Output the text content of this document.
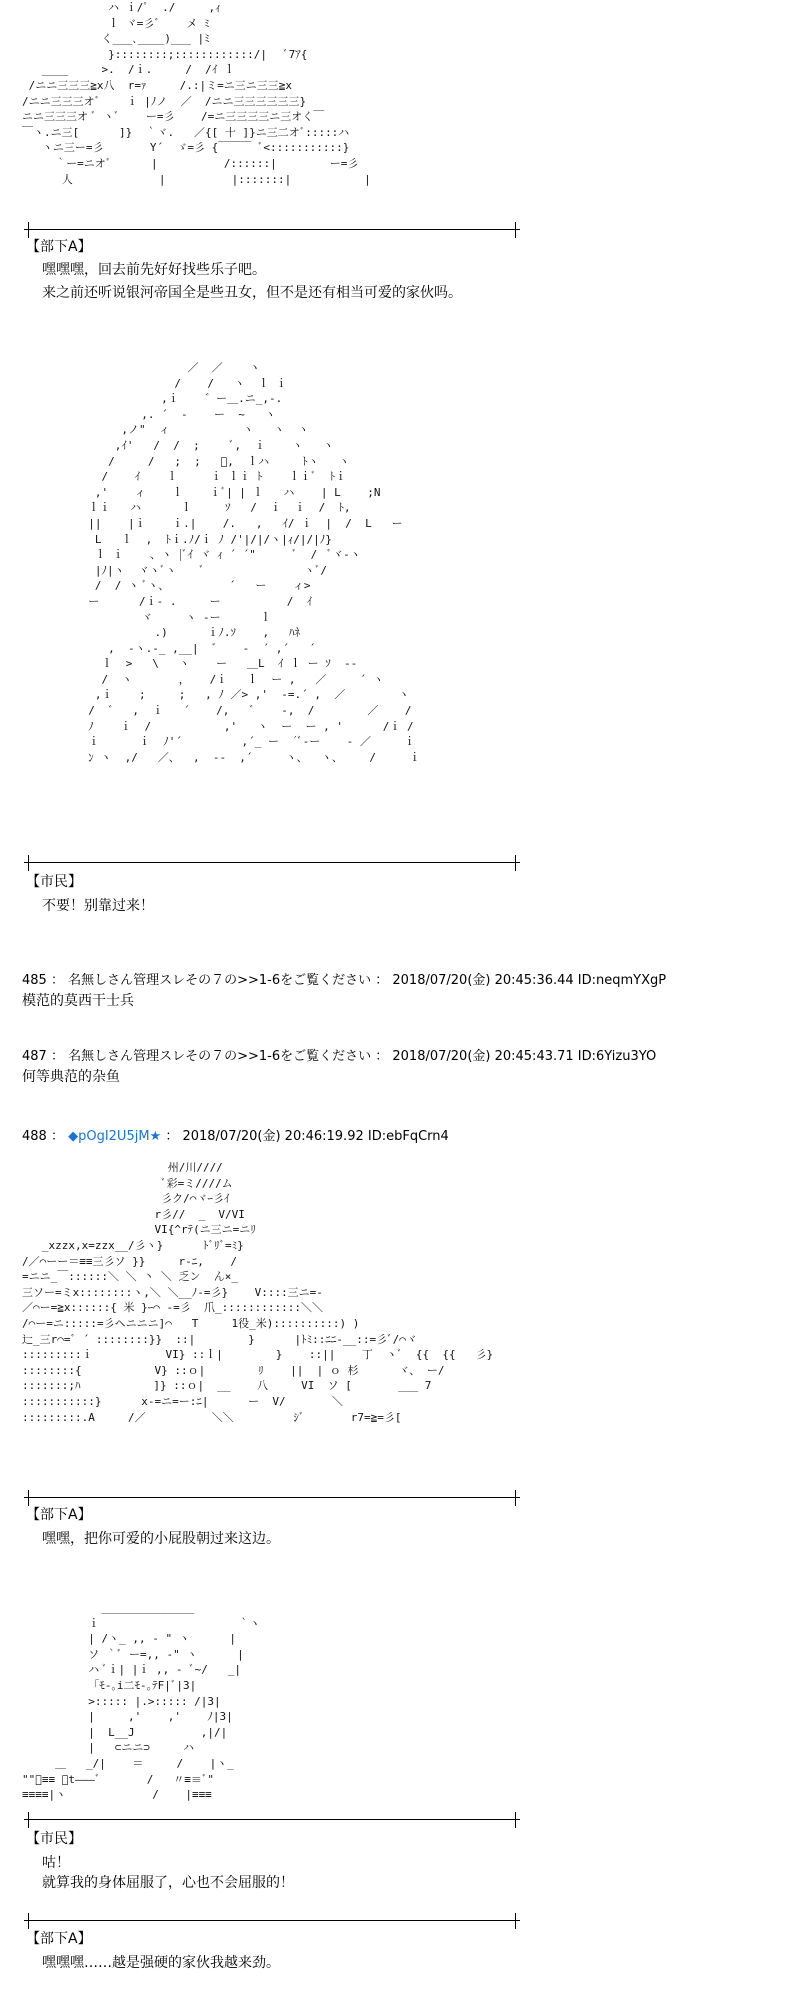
ハ ｉ/ﾟ  ./     ,ｨ
ｌ ヾ=彡ﾞ    メ ﾐ
く___､____)___ |ﾐ
}::::::::;::::::::::::/|   ﾞ7ｱ{
____     >.  /ｉ.     /  /ｲ ｌ
/ニニ三三三≧x八  r=ｧ     /.:|ミ=ニ三ニ三三≧x
/ニニ三三三オﾞ    ｉ |ﾉノ  ／  /ニニ三三三三三三}
ニニ三三三オ ﾞ ヽﾞ    ー=彡    /=ニ三三三三ニ三オく￣
￣ヽ.ニ三[      ]}  ｀ヾ.   ／{[ 十 ]}ニ三二オﾞ:::::ハ
ヽニ三ー=彡       Y´  ゞ=彡 {￣￣￣ ﾞ<:::::::::::}
｀ー=ニオﾞ      |          /::::::|        ー=彡
人             |          |:::::::|           |
【部下A】
嘿嘿嘿，回去前先好好找些乐子吧。
来之前还听说银河帝国全是些丑女，但不是还有相当可爱的家伙吗。
／  ／    ヽ
/    /   ヽ  ｌ ｉ
,ｉ    ゛ー＿.ニ_,-.
,. ´  -    ー  ~   ヽ
,ノ"  ィ           ヽ   ヽ  ヽ
,ｲ'   /  /  ;     ﾞ,  ｉ    ヽ   ヽ
/     /   ;  ;   ﾞ,  ｌハ     ﾄヽ   ヽ
/    ｲ    ｌ     ｉ ｌｉ ﾄ    ｌｉﾞ  ﾄｉ
,'    ィ    ｌ    ｉﾞ| | ｌ   ハ    | L    ;N
ｌｉ   ハ      ｌ     ｿ   /  ｉ  ｉ  /  ﾄ,
||    |ｉ    ｉ.|    /.   ,   ｲ/ ｉ  |  /  L   ー
L   ｌ  ,  ﾄｉ.ﾉ/ｉ ﾉ /'|/|/ヽ|ｨ/|/|ﾉ}
ｌ ｉ    、ヽ |ﾞｲ ヾ ｨ ´ ´"      ﾞ  /  ﾞヾ-ヽ
|ﾉ|ヽ  ヾヽﾞヽ    ﾞ               ヽﾞ/
/  / ヽ ﾞヽ、         ´   ー    ィ>
ー      /ｉ‐ .     ー          /  ｲ
ヾ     ヽ ‐ー      ｌ
.)      ｉﾉ.ｿ    ,   ﾊﾈ
,  ‐ヽ.‐_ ,__|  ゛   -  ´ ,´   ´
ｌ  >   \   ヽ    ー   ＿L  ｲ ｌ ー ｿ  ‐‐
/  ヽ       ，   /ｉ   ｌ  ー ,   ／     ´ ヽ
,ｉ    ;     ;   , ﾉ ／> ,'  ‐=.´ ,  ／        ヽ
/  ゛  ,  ｉ   ´    /,   ﾞ    ‐,  /        ／    /
ﾉ    ｉ  /           ,'   ヽ  ー  ー , '      /ｉ /
ｉ      ｉ  ﾉ'´         ,´_ ー  ´ﾞ‐ー    ‐ ／     ｉ
ﾝ ヽ  ,/   ／、  ,  ‐‐  ,´     ヽ、  ヽ、    /     ｉ
【市民】
不要！别靠过来！
485 ： 名無しさん管理スレその７の>>1-6をご覧ください ： 2018/07/20(金) 20:45:36.44 ID:neqmYXgP
模范的莫西干士兵
487 ： 名無しさん管理スレその７の>>1-6をご覧ください ： 2018/07/20(金) 20:45:43.71 ID:6Yizu3YO
何等典范的杂鱼
488 ： ◆pOgI2U5jM★ ： 2018/07/20(金) 20:46:19.92 ID:ebFqCrn4
州/川////
ﾞ彩=ミ////ム
彡ク/⌒ヾｰ彡ｲ
r彡//  _  V/VI
VI{^rﾃ(ニ三ニ=ニﾘ
_xzzx,x=zzx__/彡ヽ}      ﾄﾞﾘﾞ=ﾐ}
/／⌒ーー＝≡≡三彡ソ }}     r-ﾆ,    /
=ニニ_￣::::::＼ ＼ 丶 ＼ 乏ン  ん×_
三ソー=ミx::::::::ヽ,＼ ＼__ﾉ-=彡}    V::::三ニ=-
／⌒ー=≧x::::::{ 米 }ｰ⌒ -=彡  爪_::::::::::::＼＼
/⌒ー=ニ:::::=彡ヘニニニ]⌒   T     1役_米)::::::::::) )
辷_三r⌒=ﾞ ´ ::::::::}}  ::|        }      |ﾄﾐ::ﾆﾆ-__::=彡ﾞ/⌒ヾ
:::::::::ｉ           VI} ::ｌ|        }    ::||    丁  ヽﾞ  {{  {{   彡}
::::::::{           V} ::ｏ|        ﾘ    ||  | ｏ 杉      ヾ、 ー/
:::::::;ﾊ           ]} ::ｏ|  __    八     VI  ソ [       ___ 7
:::::::::::}      x-=ニ=ー:ﾆ|      ー  V/       ＼
:::::::::.A     /／          ＼＼         ｼﾞ       r7=≧=彡[
【部下A】
嘿嘿，把你可爱的小屁股朝过来这边。
______________
ｉ                     ｀ヽ
| /ヽ_ ,, - " ヽ      |
ソ ｀ﾞ ー=,, ‐" ヽ      |
ハ ﾞｉ| |ｉ ,, ‐ ﾞ~/   _|
「ﾓ-｡i二ﾓ-｡ﾃF|ﾞ|3|
>::::: |.>::::: /|3|
|     ,'    ,'    ﾉ|3|
|  L__J          ,|/|
|   ⊂ニニ⊃     ハ
＿   _/|    ＝     /    |ヽ_
""ﾞ≡≡ ﾞt―――ﾞ       /   〃≡≡ﾞ"
≡≡≡≡|ヽ             /    |≡≡≡
【市民】
咕！
就算我的身体屈服了，心也不会屈服的！
【部下A】
嘿嘿嘿……越是强硬的家伙我越来劲。
